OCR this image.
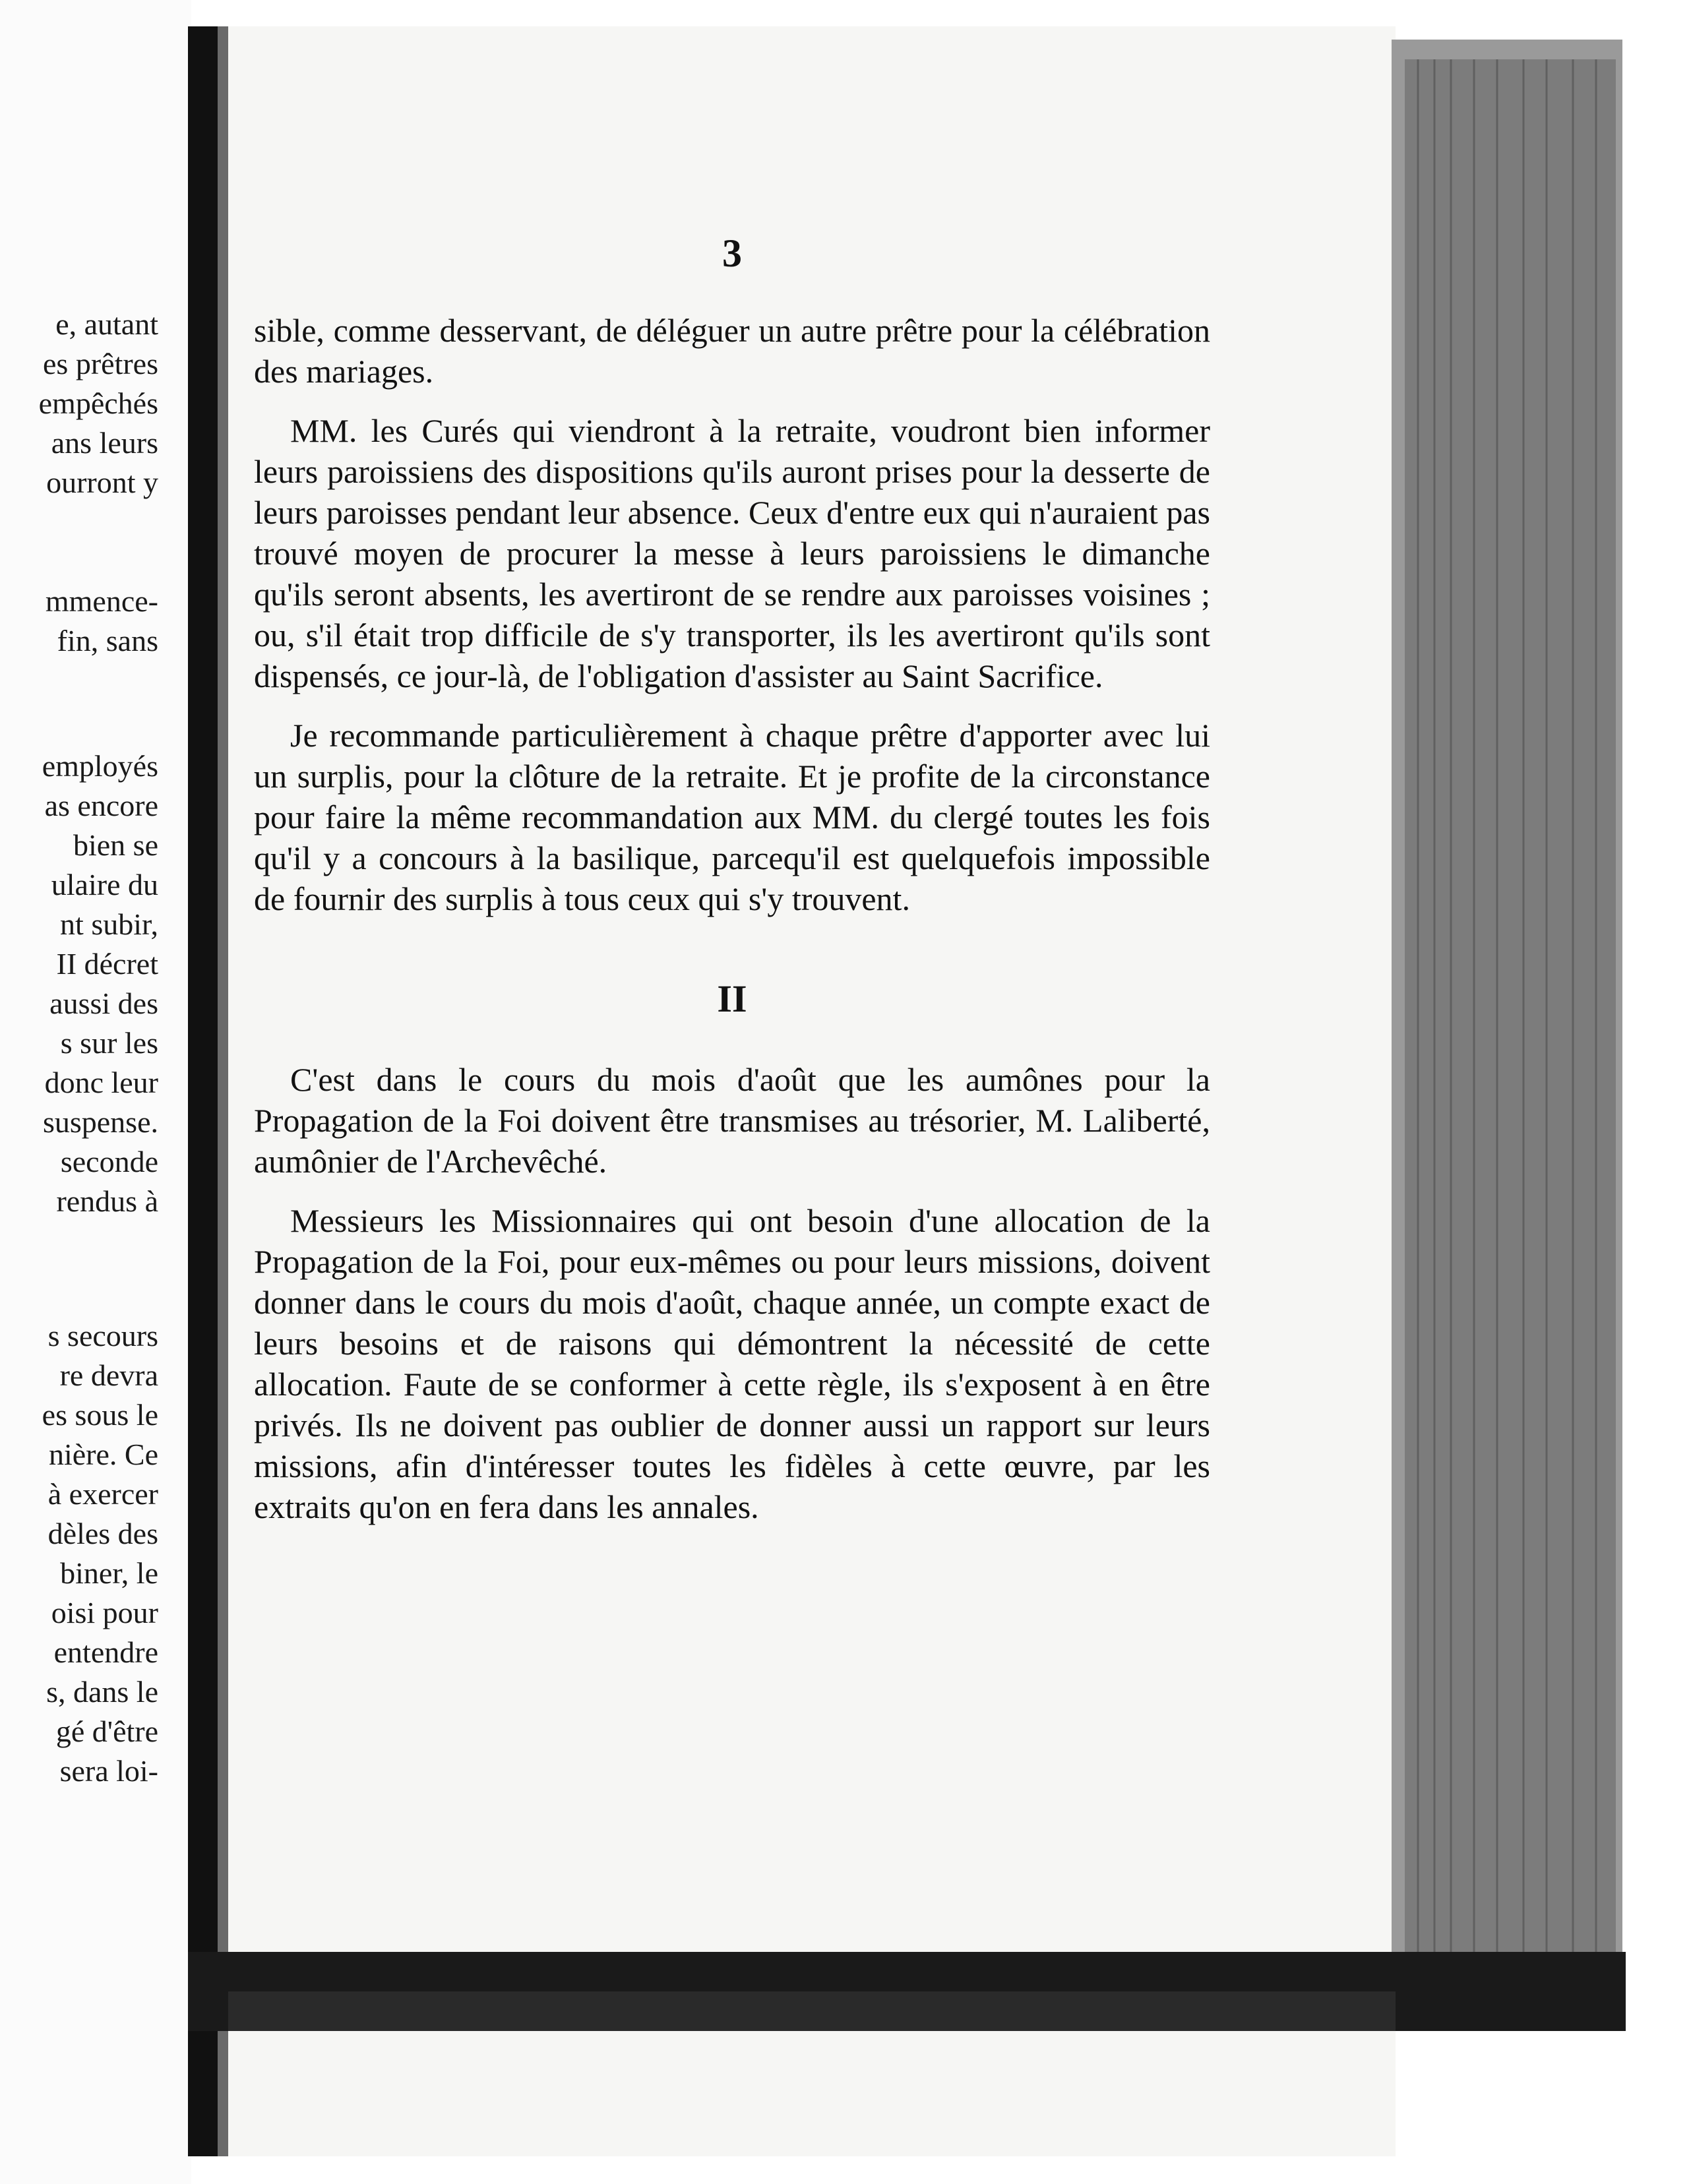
e, autant
es prêtres
empêchés
ans leurs
ourront y
mmence-
fin, sans
employés
as encore
bien se
ulaire du
nt subir,
II décret
aussi des
s sur les
donc leur
suspense.
seconde
rendus à
s secours
re devra
es sous le
nière. Ce
à exercer
dèles des
biner, le
oisi pour
entendre
s, dans le
gé d'être
sera loi-
3

sible, comme desservant, de déléguer un autre prêtre pour la célébration des mariages.

MM. les Curés qui viendront à la retraite, voudront bien informer leurs paroissiens des dispositions qu'ils auront prises pour la desserte de leurs paroisses pendant leur absence. Ceux d'entre eux qui n'auraient pas trouvé moyen de procurer la messe à leurs paroissiens le dimanche qu'ils seront absents, les avertiront de se rendre aux paroisses voisines ; ou, s'il était trop difficile de s'y transporter, ils les avertiront qu'ils sont dispensés, ce jour-là, de l'obligation d'assister au Saint Sacrifice.

Je recommande particulièrement à chaque prêtre d'apporter avec lui un surplis, pour la clôture de la retraite. Et je profite de la circonstance pour faire la même recommandation aux MM. du clergé toutes les fois qu'il y a concours à la basilique, parcequ'il est quelquefois impossible de fournir des surplis à tous ceux qui s'y trouvent.

II

C'est dans le cours du mois d'août que les aumônes pour la Propagation de la Foi doivent être transmises au trésorier, M. Laliberté, aumônier de l'Archevêché.

Messieurs les Missionnaires qui ont besoin d'une allocation de la Propagation de la Foi, pour eux-mêmes ou pour leurs missions, doivent donner dans le cours du mois d'août, chaque année, un compte exact de leurs besoins et de raisons qui démontrent la nécessité de cette allocation. Faute de se conformer à cette règle, ils s'exposent à en être privés. Ils ne doivent pas oublier de donner aussi un rapport sur leurs missions, afin d'intéresser toutes les fidèles à cette œuvre, par les extraits qu'on en fera dans les annales.
